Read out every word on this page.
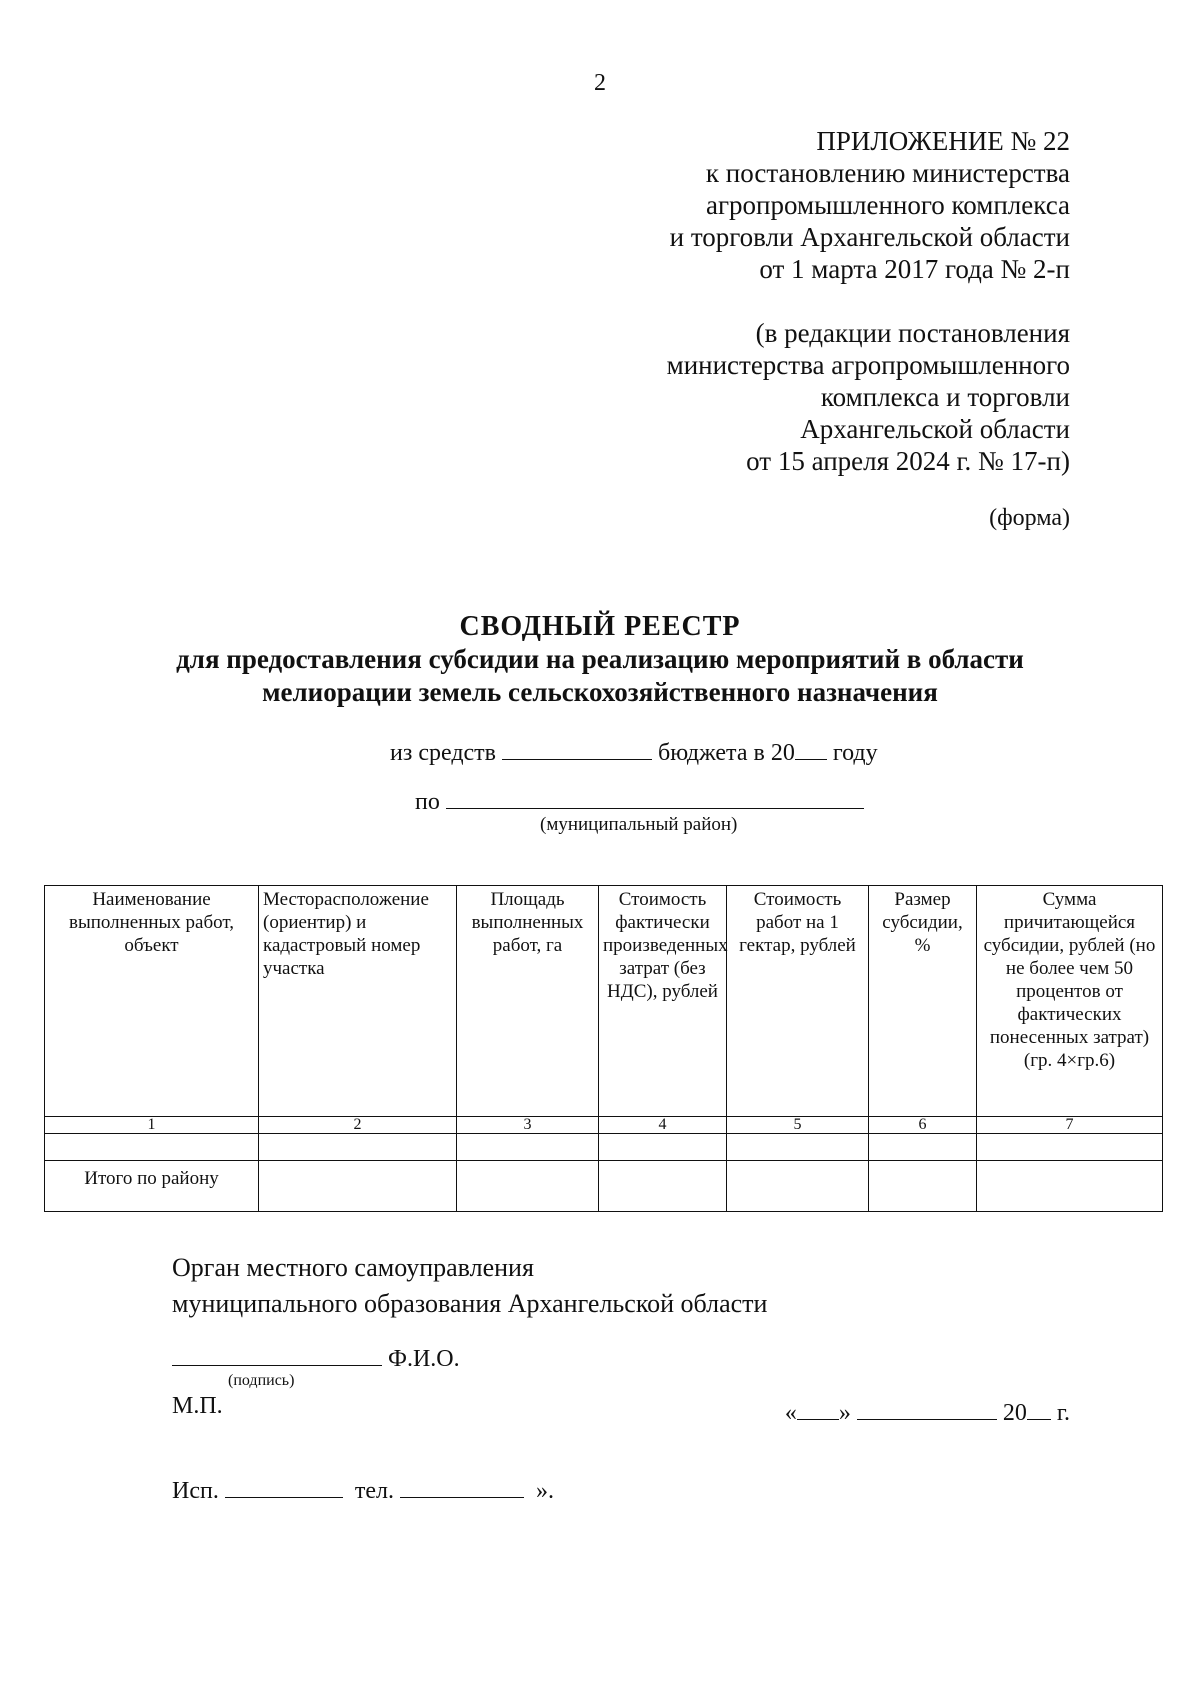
2
ПРИЛОЖЕНИЕ № 22
к постановлению министерства
агропромышленного комплекса
и торговли Архангельской области
от 1 марта 2017 года № 2-п

(в редакции постановления
министерства агропромышленного
комплекса и торговли
Архангельской области
от 15 апреля 2024 г. № 17-п)
(форма)
СВОДНЫЙ РЕЕСТР
для предоставления субсидии на реализацию мероприятий в области
мелиорации земель сельскохозяйственного назначения
из средств	бюджета в 20 году
по
(муниципальный район)
Наименование выполненных работ, объект	Месторасположение (ориентир) и кадастровый номер участка	Площадь выполненных работ, га	Стоимость фактически произведенных затрат (без НДС), рублей	Стоимость работ на 1 гектар, рублей	Размер субсидии, %	Сумма причитающейся субсидии, рублей (но не более чем 50 процентов от фактических понесенных затрат) (гр. 4×гр.6)
1	2	3	4	5	6	7

Итого по району						
Орган местного самоуправления
муниципального образования Архангельской области
Ф.И.О.
(подпись)
М.П.	« »	20 г.
Исп.	тел.	».
